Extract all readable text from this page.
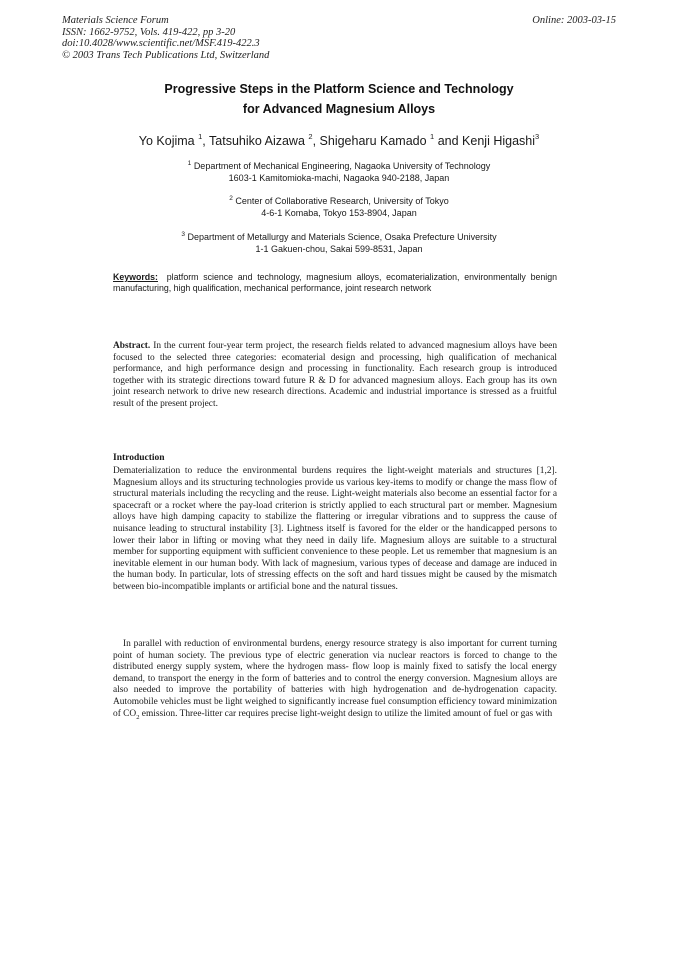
Materials Science Forum
ISSN: 1662-9752, Vols. 419-422, pp 3-20
doi:10.4028/www.scientific.net/MSF.419-422.3
© 2003 Trans Tech Publications Ltd, Switzerland
Online: 2003-03-15
Progressive Steps in the Platform Science and Technology
for Advanced Magnesium Alloys
Yo Kojima $^1$, Tatsuhiko Aizawa $^2$, Shigeharu Kamado $^1$ and Kenji Higashi$^3$
$^1$ Department of Mechanical Engineering, Nagaoka University of Technology
1603-1 Kamitomioka-machi, Nagaoka 940-2188, Japan
$^2$ Center of Collaborative Research, University of Tokyo
4-6-1 Komaba, Tokyo 153-8904, Japan
$^3$ Department of Metallurgy and Materials Science, Osaka Prefecture University
1-1 Gakuen-chou, Sakai 599-8531, Japan
Keywords: platform science and technology, magnesium alloys, ecomaterialization, environmentally benign manufacturing, high qualification, mechanical performance, joint research network
Abstract. In the current four-year term project, the research fields related to advanced magnesium alloys have been focused to the selected three categories: ecomaterial design and processing, high qualification of mechanical performance, and high performance design and processing in functionality. Each research group is introduced together with its strategic directions toward future R & D for advanced magnesium alloys. Each group has its own joint research network to drive new research directions. Academic and industrial importance is stressed as a fruitful result of the present project.
Introduction
Dematerialization to reduce the environmental burdens requires the light-weight materials and structures [1,2]. Magnesium alloys and its structuring technologies provide us various key-items to modify or change the mass flow of structural materials including the recycling and the reuse. Light-weight materials also become an essential factor for a spacecraft or a rocket where the pay-load criterion is strictly applied to each structural part or member. Magnesium alloys have high damping capacity to stabilize the flattering or irregular vibrations and to suppress the cause of nuisance leading to structural instability [3]. Lightness itself is favored for the elder or the handicapped persons to lower their labor in lifting or moving what they need in daily life. Magnesium alloys are suitable to a structural member for supporting equipment with sufficient convenience to these people. Let us remember that magnesium is an inevitable element in our human body. With lack of magnesium, various types of decease and damage are induced in the human body. In particular, lots of stressing effects on the soft and hard tissues might be caused by the mismatch between bio-incompatible implants or artificial bone and the natural tissues.
In parallel with reduction of environmental burdens, energy resource strategy is also important for current turning point of human society. The previous type of electric generation via nuclear reactors is forced to change to the distributed energy supply system, where the hydrogen mass- flow loop is mainly fixed to satisfy the local energy demand, to transport the energy in the form of batteries and to control the energy conversion. Magnesium alloys are also needed to improve the portability of batteries with high hydrogenation and de-hydrogenation capacity. Automobile vehicles must be light weighed to significantly increase fuel consumption efficiency toward minimization of $CO_2$ emission. Three-litter car requires precise light-weight design to utilize the limited amount of fuel or gas with
